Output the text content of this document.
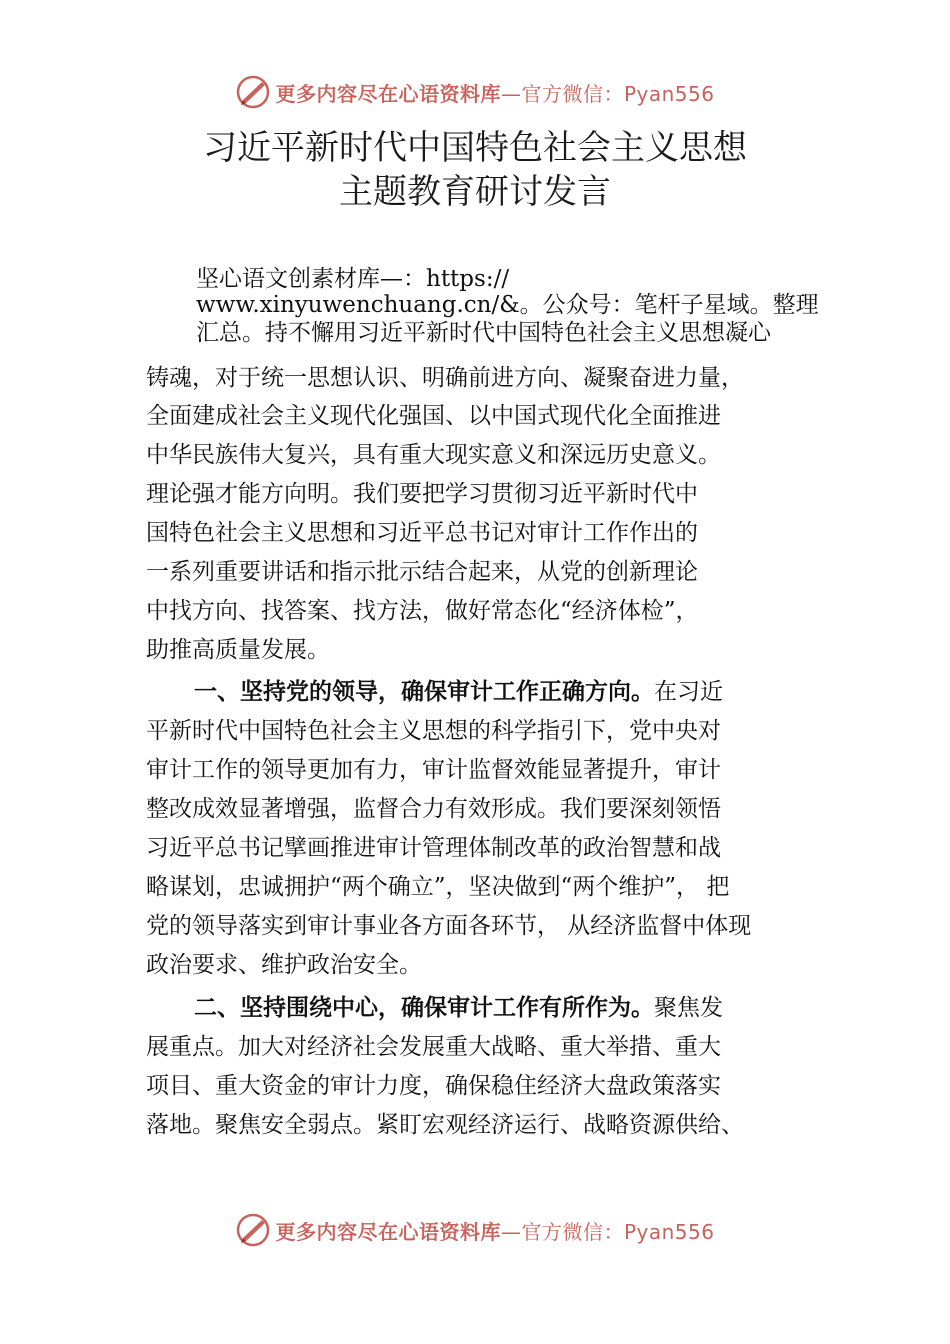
更多内容尽在心语资料库—官方微信：Pyan556
习近平新时代中国特色社会主义思想
主题教育研讨发言
坚心语文创素材库—：https://
www.xinyuwenchuang.cn/&。公众号：笔杆子星域。整理
汇总。持不懈用习近平新时代中国特色社会主义思想凝心
铸魂，对于统一思想认识、明确前进方向、凝聚奋进力量，
全面建成社会主义现代化强国、以中国式现代化全面推进
中华民族伟大复兴，具有重大现实意义和深远历史意义。
理论强才能方向明。我们要把学习贯彻习近平新时代中
国特色社会主义思想和习近平总书记对审计工作作出的
一系列重要讲话和指示批示结合起来，从党的创新理论
中找方向、找答案、找方法，做好常态化“经济体检”，
助推高质量发展。
一、坚持党的领导，确保审计工作正确方向。在习近
平新时代中国特色社会主义思想的科学指引下，党中央对
审计工作的领导更加有力，审计监督效能显著提升，审计
整改成效显著增强，监督合力有效形成。我们要深刻领悟
习近平总书记擘画推进审计管理体制改革的政治智慧和战
略谋划，忠诚拥护“两个确立”，坚决做到“两个维护”， 把
党的领导落实到审计事业各方面各环节， 从经济监督中体现
政治要求、维护政治安全。
二、坚持围绕中心，确保审计工作有所作为。聚焦发
展重点。加大对经济社会发展重大战略、重大举措、重大
项目、重大资金的审计力度，确保稳住经济大盘政策落实
落地。聚焦安全弱点。紧盯宏观经济运行、战略资源供给、
更多内容尽在心语资料库—官方微信：Pyan556
